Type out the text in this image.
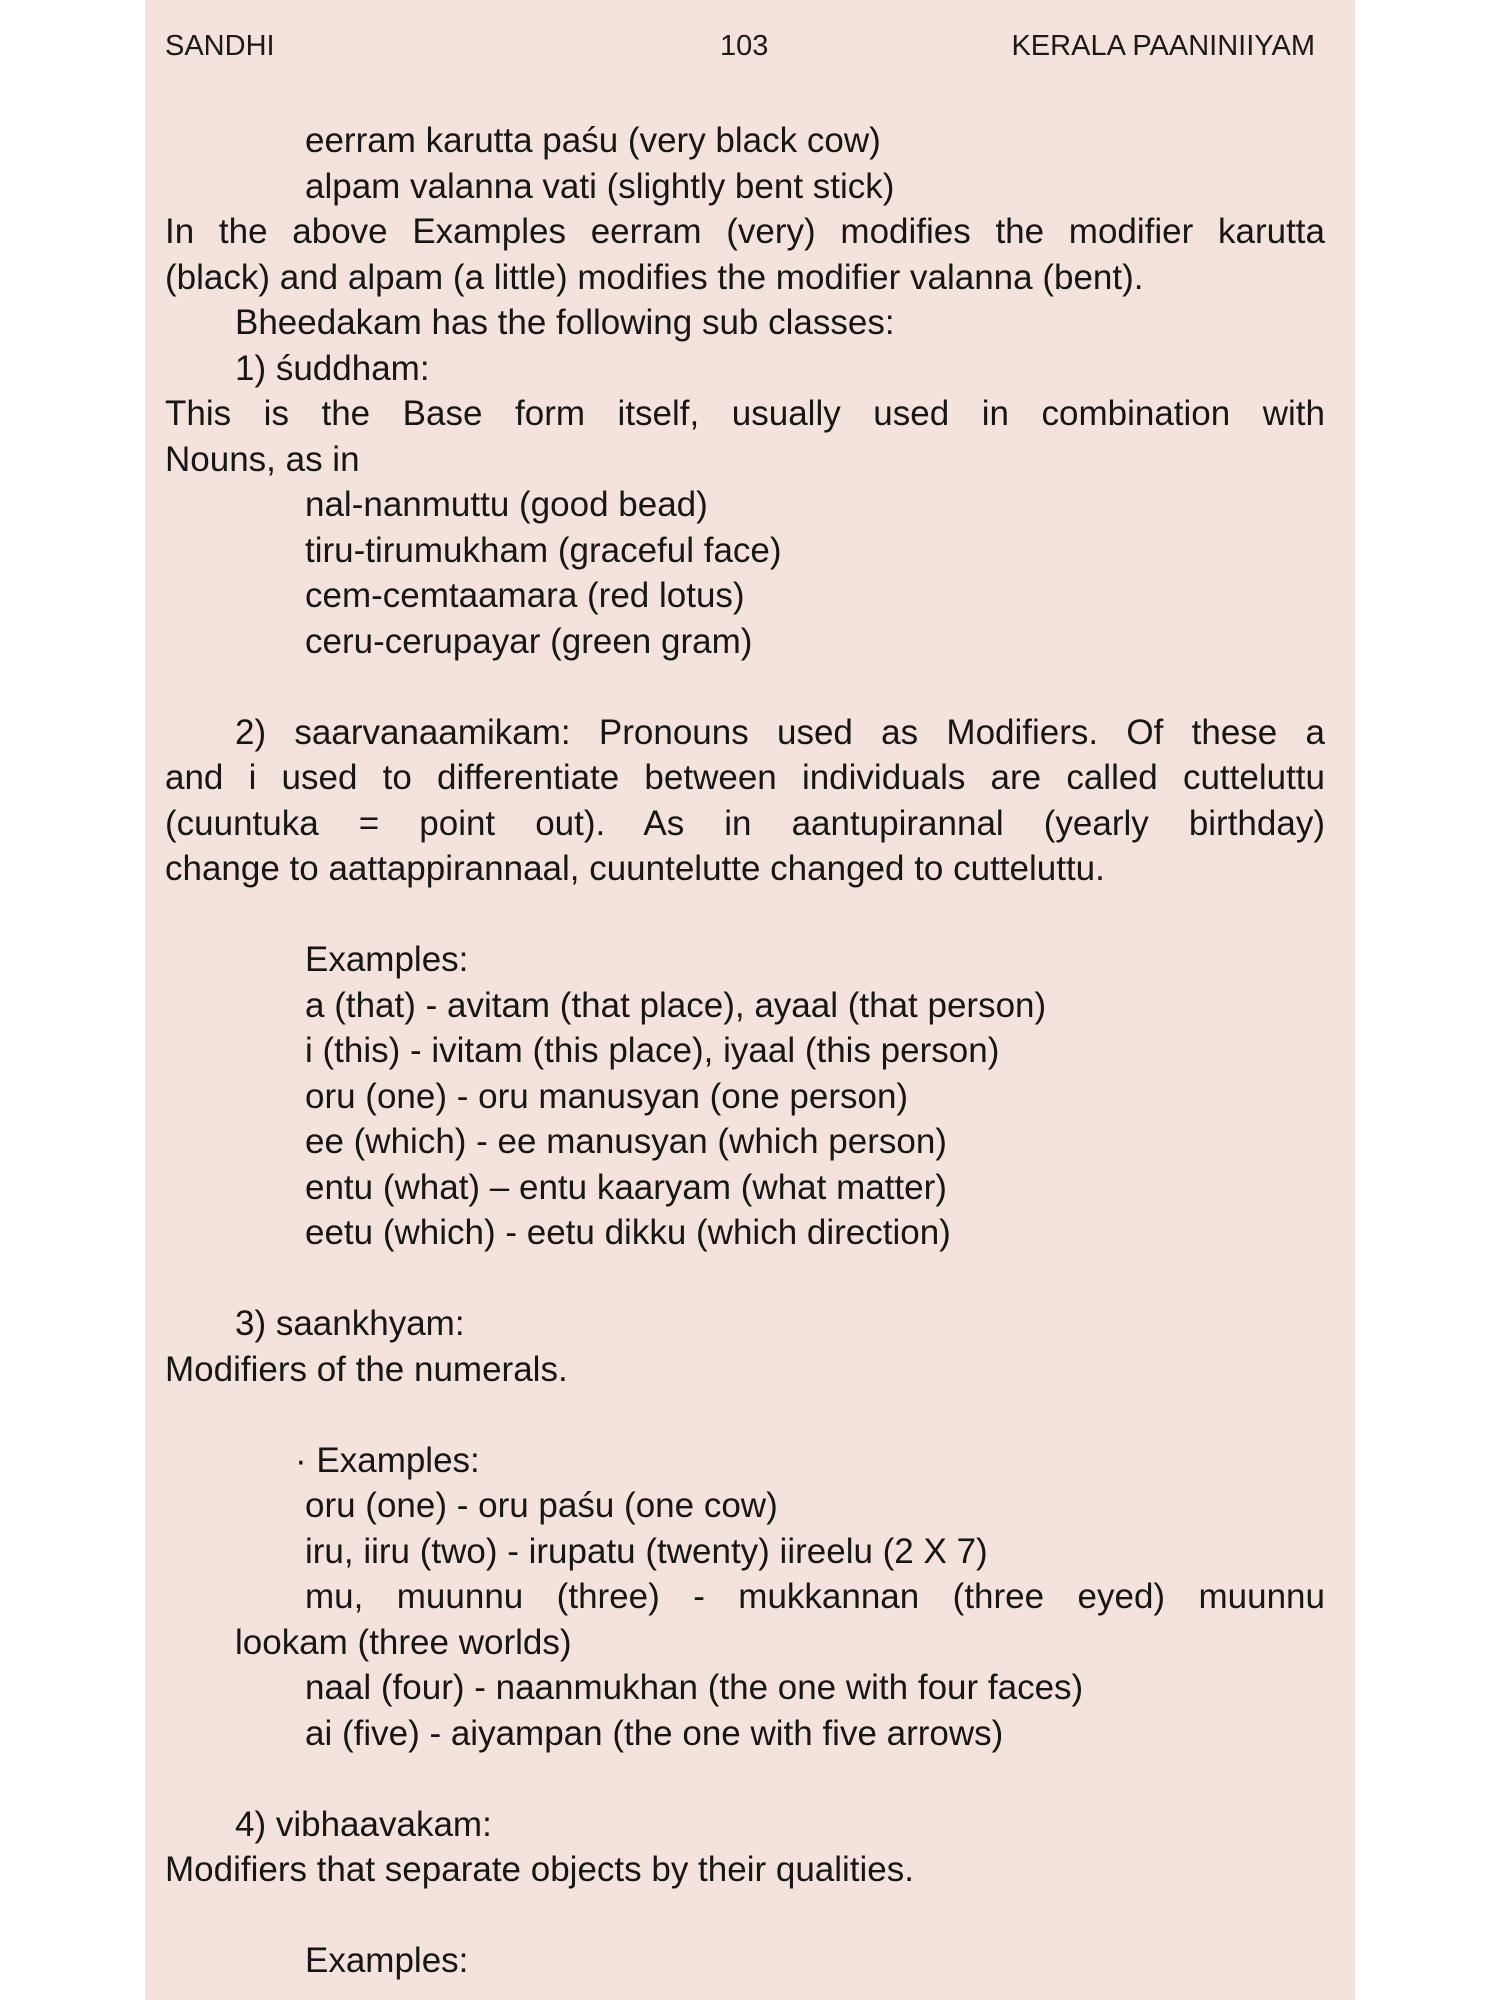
SANDHI	103	KERALA PAANINIIYAM
eerram karutta paśu (very black cow)
alpam valanna vati (slightly bent stick)
In the above Examples eerram (very) modifies the modifier karutta
(black) and alpam (a little) modifies the modifier valanna (bent).
Bheedakam has the following sub classes:
1) śuddham:
This is the Base form itself, usually used in combination with
Nouns, as in
nal-nanmuttu (good bead)
tiru-tirumukham (graceful face)
cem-cemtaamara (red lotus)
ceru-cerupayar (green gram)
2) saarvanaamikam: Pronouns used as Modifiers. Of these a
and i used to differentiate between individuals are called cutteluttu
(cuuntuka = point out). As in aantupirannal (yearly birthday)
change to aattappirannaal, cuuntelutte changed to cutteluttu.
Examples:
a (that) - avitam (that place), ayaal (that person)
i (this) - ivitam (this place), iyaal (this person)
oru (one) - oru manusyan (one person)
ee (which) - ee manusyan (which person)
entu (what) – entu kaaryam (what matter)
eetu (which) - eetu dikku (which direction)
3) saankhyam:
Modifiers of the numerals.
· Examples:
oru (one) - oru paśu (one cow)
iru, iiru (two) - irupatu (twenty) iireelu (2 X 7)
mu, muunnu (three) - mukkannan (three eyed) muunnu
lookam (three worlds)
naal (four) - naanmukhan (the one with four faces)
ai (five) - aiyampan (the one with five arrows)
4) vibhaavakam:
Modifiers that separate objects by their qualities.
Examples:
